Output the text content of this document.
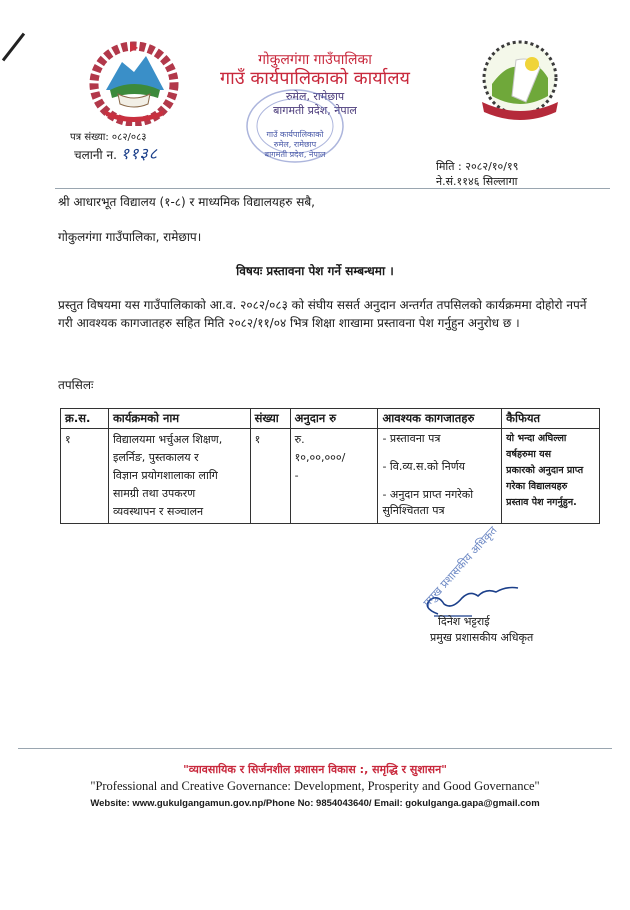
गोकुलगंगा गाउँपालिका
गाउँ कार्यपालिकाको कार्यालय
रुमेल, रामेछाप
बागमती प्रदेश, नेपाल
गाउँ कार्यपालिकाको
रुमेल, रामेछाप
बागमती प्रदेश, नेपाल
पत्र संख्या: ०८२/०८३
चलानी न. ११३८
मिति : २०८२/१०/१९
ने.सं.११४६ सिल्लागा
श्री आधारभूत विद्यालय (१-८) र माध्यमिक विद्यालयहरु सबै,
गोकुलगंगा गाउँपालिका, रामेछाप।
विषयः प्रस्तावना पेश गर्ने सम्बन्धमा ।
प्रस्तुत विषयमा यस गाउँपालिकाको आ.व. २०८२/०८३ को संघीय ससर्त अनुदान अन्तर्गत तपसिलको कार्यक्रममा दोहोरो नपर्ने गरी आवश्यक कागजातहरु सहित मिति २०८२/११/०४ भित्र शिक्षा शाखामा प्रस्तावना पेश गर्नुहुन अनुरोध छ ।
तपसिलः
क्र.स.	कार्यक्रमको नाम	संख्या	अनुदान रु	आवश्यक कागजातहरु	कैफियत

१	विद्यालयमा भर्चुअल शिक्षण,
इलर्निङ, पुस्तकालय र
विज्ञान प्रयोगशालाका लागि
सामग्री तथा उपकरण
व्यवस्थापन र सञ्चालन	१	रु.
१०,००,०००/
-	- प्रस्तावना पत्र
- वि.व्य.स.को निर्णय
- अनुदान प्राप्त नगरेको
सुनिश्चितता पत्र	यो भन्दा अघिल्ला
वर्षहरुमा यस
प्रकारको अनुदान प्राप्त
गरेका विद्यालयहरु
प्रस्ताव पेश नगर्नुहुन.
प्रमुख प्रशासकीय अधिकृत
दिनेश भट्टराई
प्रमुख प्रशासकीय अधिकृत
"व्यावसायिक र सिर्जनशील प्रशासन विकास :, समृद्धि र सुशासन"
"Professional and Creative Governance: Development, Prosperity and Good Governance"
Website: www.gukulgangamun.gov.np/Phone No: 9854043640/ Email: gokulganga.gapa@gmail.com
